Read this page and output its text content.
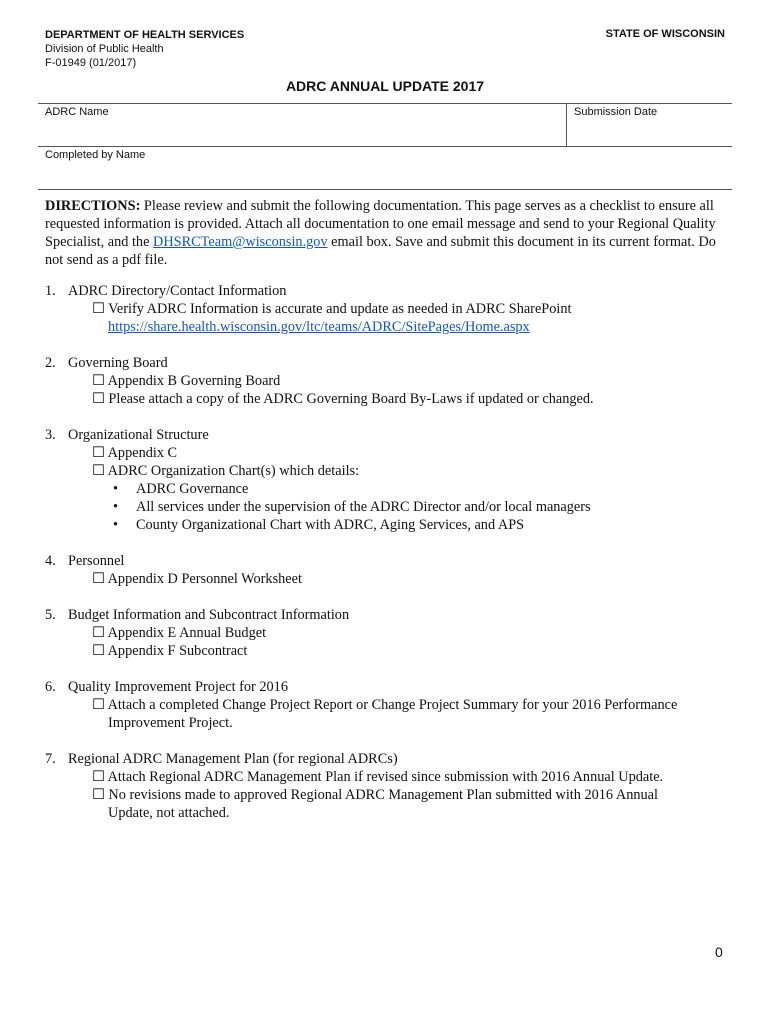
DEPARTMENT OF HEALTH SERVICES
Division of Public Health
F-01949 (01/2017)
STATE OF WISCONSIN
ADRC ANNUAL UPDATE 2017
ADRC Name	Submission Date
Completed by Name
DIRECTIONS: Please review and submit the following documentation. This page serves as a checklist to ensure all requested information is provided. Attach all documentation to one email message and send to your Regional Quality Specialist, and the DHSRCTeam@wisconsin.gov email box. Save and submit this document in its current format. Do not send as a pdf file.
1. ADRC Directory/Contact Information
☐ Verify ADRC Information is accurate and update as needed in ADRC SharePoint
https://share.health.wisconsin.gov/ltc/teams/ADRC/SitePages/Home.aspx
2. Governing Board
☐ Appendix B Governing Board
☐ Please attach a copy of the ADRC Governing Board By-Laws if updated or changed.
3. Organizational Structure
☐ Appendix C
☐ ADRC Organization Chart(s) which details:
•	ADRC Governance
•	All services under the supervision of the ADRC Director and/or local managers
•	County Organizational Chart with ADRC, Aging Services, and APS
4. Personnel
☐ Appendix D Personnel Worksheet
5. Budget Information and Subcontract Information
☐ Appendix E Annual Budget
☐ Appendix F Subcontract
6. Quality Improvement Project for 2016
☐ Attach a completed Change Project Report or Change Project Summary for your 2016 Performance
Improvement Project.
7. Regional ADRC Management Plan (for regional ADRCs)
☐ Attach Regional ADRC Management Plan if revised since submission with 2016 Annual Update.
☐ No revisions made to approved Regional ADRC Management Plan submitted with 2016 Annual
Update, not attached.
0
